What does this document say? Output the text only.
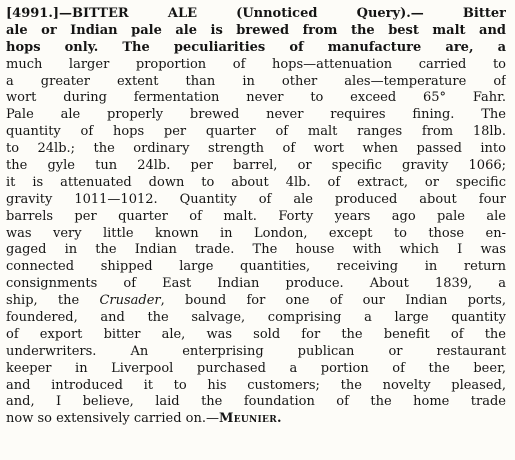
[4991.]—BITTER ALE (Unnoticed Query).— Bitter
ale or Indian pale ale is brewed from the best malt and
hops only. The peculiarities of manufacture are, a
much larger proportion of hops—attenuation carried to
a greater extent than in other ales—temperature of
wort during fermentation never to exceed 65° Fahr.
Pale ale properly brewed never requires fining. The
quantity of hops per quarter of malt ranges from 18lb.
to 24lb.; the ordinary strength of wort when passed into
the gyle tun 24lb. per barrel, or specific gravity 1066;
it is attenuated down to about 4lb. of extract, or specific
gravity 1011—1012. Quantity of ale produced about four
barrels per quarter of malt. Forty years ago pale ale
was very little known in London, except to those en-
gaged in the Indian trade. The house with which I was
connected shipped large quantities, receiving in return
consignments of East Indian produce. About 1839, a
ship, the Crusader, bound for one of our Indian ports,
foundered, and the salvage, comprising a large quantity
of export bitter ale, was sold for the benefit of the
underwriters. An enterprising publican or restaurant
keeper in Liverpool purchased a portion of the beer,
and introduced it to his customers; the novelty pleased,
and, I believe, laid the foundation of the home trade
now so extensively carried on.—Meunier.
